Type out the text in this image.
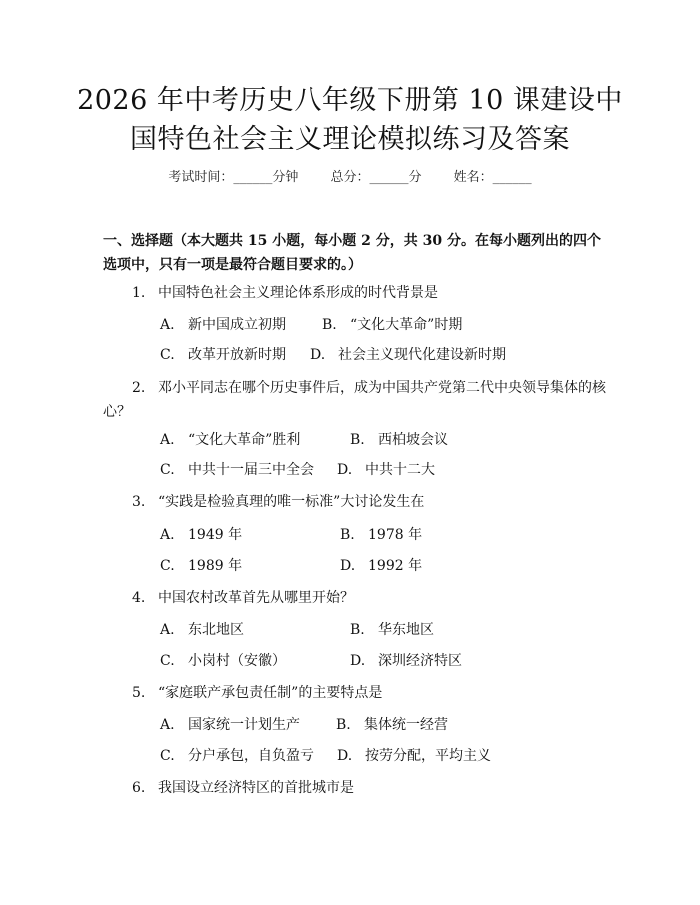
2026 年中考历史八年级下册第 10 课建设中
国特色社会主义理论模拟练习及答案
考试时间：______分钟 总分：______分 姓名：______
一、选择题（本大题共 15 小题，每小题 2 分，共 30 分。在每小题列出的四个选项中，只有一项是最符合题目要求的。）
1. 中国特色社会主义理论体系形成的时代背景是
A. 新中国成立初期	B. “文化大革命”时期
C. 改革开放新时期 D. 社会主义现代化建设新时期
2. 邓小平同志在哪个历史事件后，成为中国共产党第二代中央领导集体的核心？
A. “文化大革命”胜利	B. 西柏坡会议
C. 中共十一届三中全会 D. 中共十二大
3. “实践是检验真理的唯一标准”大讨论发生在
A. 1949 年	B. 1978 年
C. 1989 年	D. 1992 年
4. 中国农村改革首先从哪里开始？
A. 东北地区	B. 华东地区
C. 小岗村（安徽）	D. 深圳经济特区
5. “家庭联产承包责任制”的主要特点是
A. 国家统一计划生产	B. 集体统一经营
C. 分户承包，自负盈亏 D. 按劳分配，平均主义
6. 我国设立经济特区的首批城市是
